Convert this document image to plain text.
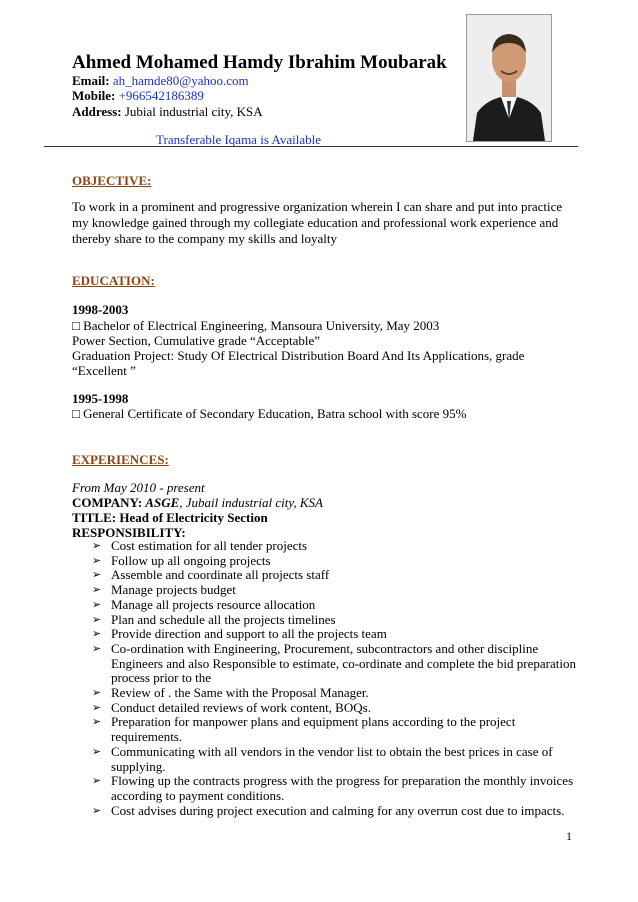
Ahmed Mohamed Hamdy Ibrahim Moubarak
Email: ah_hamde80@yahoo.com
Mobile: +966542186389
Address: Jubial industrial city, KSA
Transferable Iqama is Available
OBJECTIVE:
To work in a prominent and progressive organization wherein I can share and put into practice my knowledge gained through my collegiate education and professional work experience and thereby share to the company my skills and loyalty
EDUCATION:
1998-2003
□ Bachelor of Electrical Engineering, Mansoura University, May 2003
Power Section, Cumulative grade “Acceptable”
Graduation Project: Study Of Electrical Distribution Board And Its Applications, grade
“Excellent ”
1995-1998
□ General Certificate of Secondary Education, Batra school with score 95%
EXPERIENCES:
From May 2010 - present
COMPANY: ASGE, Jubail industrial city, KSA
TITLE: Head of Electricity Section
RESPONSIBILITY:
➢ Cost estimation for all tender projects
➢ Follow up all ongoing projects
➢ Assemble and coordinate all projects staff
➢ Manage projects budget
➢ Manage all projects resource allocation
➢ Plan and schedule all the projects timelines
➢ Provide direction and support to all the projects team
➢ Co-ordination with Engineering, Procurement, subcontractors and other discipline Engineers and also Responsible to estimate, co-ordinate and complete the bid preparation process prior to the
➢ Review of . the Same with the Proposal Manager.
➢ Conduct detailed reviews of work content, BOQs.
➢ Preparation for manpower plans and equipment plans according to the project requirements.
➢ Communicating with all vendors in the vendor list to obtain the best prices in case of supplying.
➢ Flowing up the contracts progress with the progress for preparation the monthly invoices according to payment conditions.
➢ Cost advises during project execution and calming for any overrun cost due to impacts.
1
